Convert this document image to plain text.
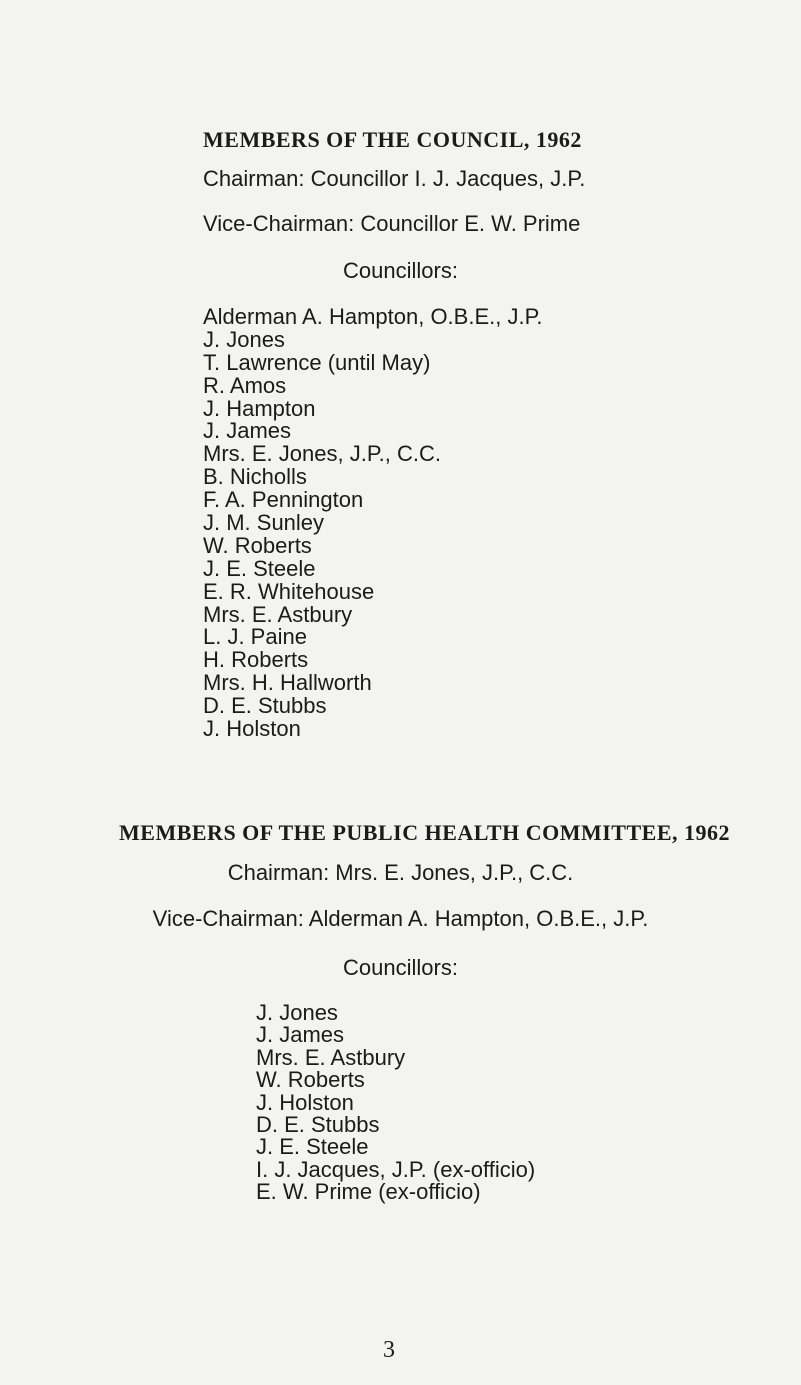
MEMBERS OF THE COUNCIL, 1962
Chairman: Councillor I. J. Jacques, J.P.
Vice-Chairman: Councillor E. W. Prime
Councillors:
Alderman A. Hampton, O.B.E., J.P.
J. Jones
T. Lawrence (until May)
R. Amos
J. Hampton
J. James
Mrs. E. Jones, J.P., C.C.
B. Nicholls
F. A. Pennington
J. M. Sunley
W. Roberts
J. E. Steele
E. R. Whitehouse
Mrs. E. Astbury
L. J. Paine
H. Roberts
Mrs. H. Hallworth
D. E. Stubbs
J. Holston
MEMBERS OF THE PUBLIC HEALTH COMMITTEE, 1962
Chairman: Mrs. E. Jones, J.P., C.C.
Vice-Chairman: Alderman A. Hampton, O.B.E., J.P.
Councillors:
J. Jones
J. James
Mrs. E. Astbury
W. Roberts
J. Holston
D. E. Stubbs
J. E. Steele
I. J. Jacques, J.P. (ex-officio)
E. W. Prime (ex-officio)
3
